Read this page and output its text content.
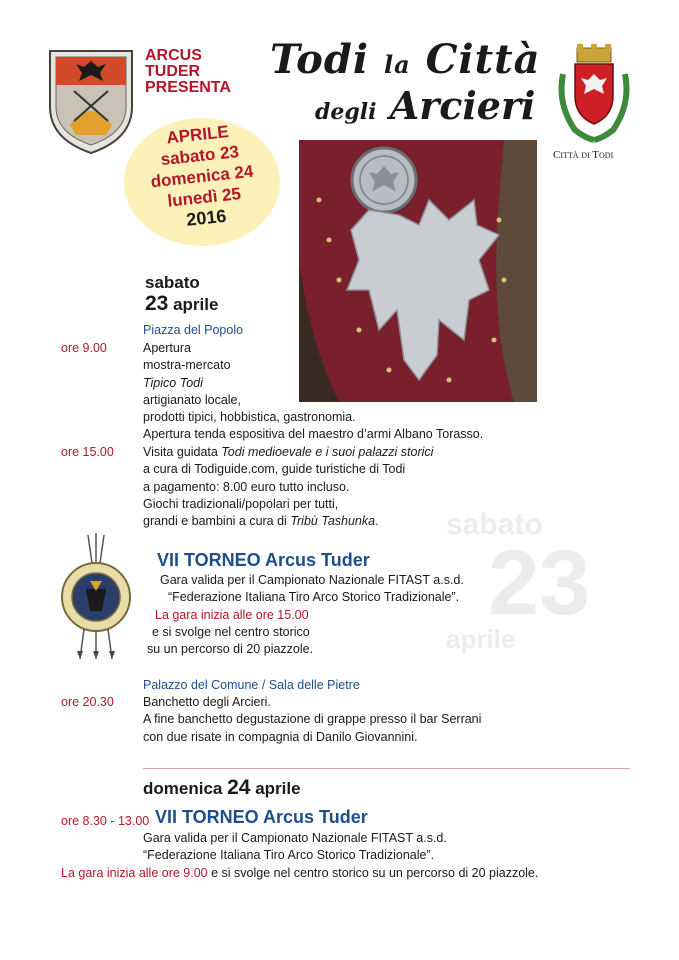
ARCUS
TUDER
PRESENTA
Todi la Città
degli Arcieri
Città di Todi
APRILE
sabato 23
domenica 24
lunedì 25
2016
sabato
23
aprile
sabato
23 aprile
Piazza del Popolo
ore 9.00	Apertura
mostra-mercato
Tipico Todi
artigianato locale,
prodotti tipici, hobbistica, gastronomia.
Apertura tenda espositiva del maestro d’armi Albano Torasso.
ore 15.00 Visita guidata Todi medioevale e i suoi palazzi storici
a cura di Todiguide.com, guide turistiche di Todi
a pagamento: 8.00 euro tutto incluso.
Giochi tradizionali/popolari per tutti,
grandi e bambini a cura di Tribù Tashunka.
VII TORNEO Arcus Tuder
Gara valida per il Campionato Nazionale FITAST a.s.d.
“Federazione Italiana Tiro Arco Storico Tradizionale”.
La gara inizia alle ore 15.00
e si svolge nel centro storico
su un percorso di 20 piazzole.
Palazzo del Comune / Sala delle Pietre
ore 20.30 Banchetto degli Arcieri.
A fine banchetto degustazione di grappe presso il bar Serrani
con due risate in compagnia di Danilo Giovannini.
domenica 24 aprile
ore 8.30 - 13.00 VII TORNEO Arcus Tuder
Gara valida per il Campionato Nazionale FITAST a.s.d.
“Federazione Italiana Tiro Arco Storico Tradizionale”.
La gara inizia alle ore 9.00 e si svolge nel centro storico su un percorso di 20 piazzole.
